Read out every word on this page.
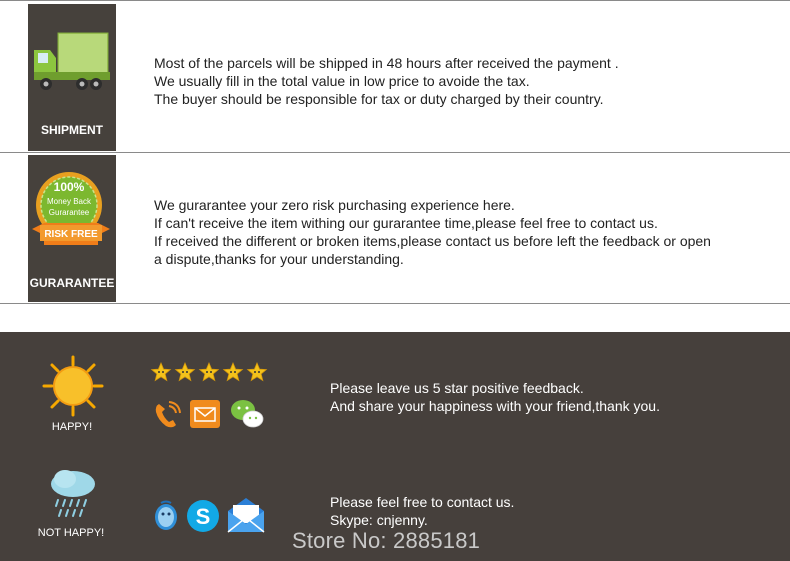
SHIPMENT
Most of the parcels will be shipped in 48 hours after received the payment .
We usually fill in the total value in low price to avoide the tax.
The buyer should be responsible for tax or duty charged by their country.
100%
Money Back
Gurarantee
RISK FREE
GURARANTEE
We gurarantee your zero risk purchasing experience here.
If can't receive the item withing our gurarantee time,please feel free to contact us.
If received the different or broken items,please contact us before left the feedback or open
a dispute,thanks for your understanding.
HAPPY!
Please leave us 5 star positive feedback.
And share your happiness with your friend,thank you.
NOT HAPPY!
S
Please feel free to contact us.
Skype: cnjenny.
Store No: 2885181
